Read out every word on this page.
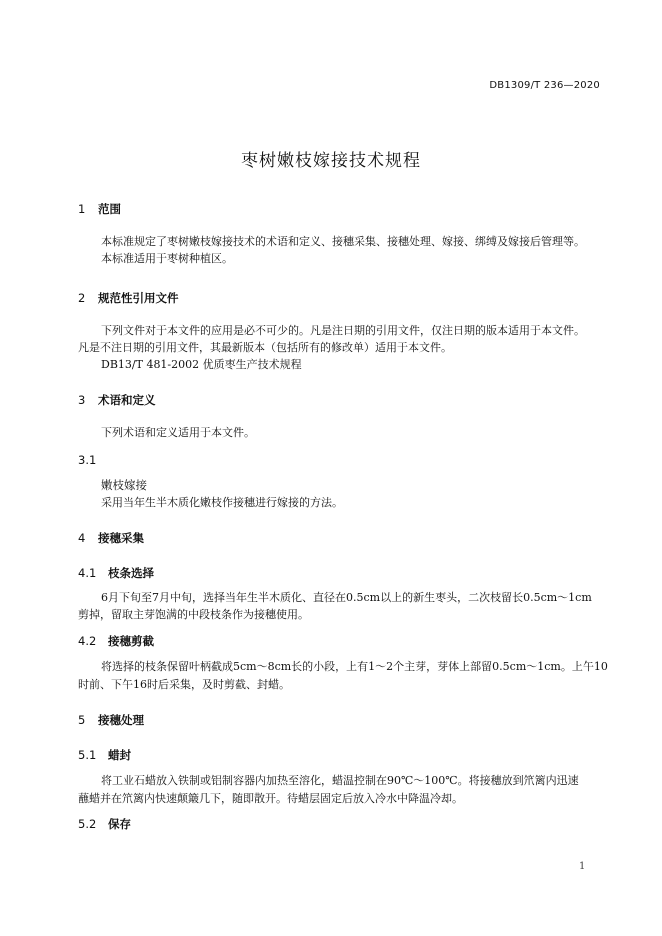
DB1309/T 236—2020
枣树嫩枝嫁接技术规程
1 范围
本标准规定了枣树嫩枝嫁接技术的术语和定义、接穗采集、接穗处理、嫁接、绑缚及嫁接后管理等。
本标准适用于枣树种植区。
2 规范性引用文件
下列文件对于本文件的应用是必不可少的。凡是注日期的引用文件，仅注日期的版本适用于本文件。
凡是不注日期的引用文件，其最新版本（包括所有的修改单）适用于本文件。
DB13/T 481-2002 优质枣生产技术规程
3 术语和定义
下列术语和定义适用于本文件。
3.1
嫩枝嫁接
采用当年生半木质化嫩枝作接穗进行嫁接的方法。
4 接穗采集
4.1 枝条选择
6月下旬至7月中旬，选择当年生半木质化、直径在0.5cm以上的新生枣头，二次枝留长0.5cm～1cm
剪掉，留取主芽饱满的中段枝条作为接穗使用。
4.2 接穗剪截
将选择的枝条保留叶柄截成5cm～8cm长的小段，上有1～2个主芽，芽体上部留0.5cm～1cm。上午10
时前、下午16时后采集，及时剪截、封蜡。
5 接穗处理
5.1 蜡封
将工业石蜡放入铁制或铝制容器内加热至溶化，蜡温控制在90℃～100℃。将接穗放到笊篱内迅速
蘸蜡并在笊篱内快速颠簸几下，随即散开。待蜡层固定后放入冷水中降温冷却。
5.2 保存
1
